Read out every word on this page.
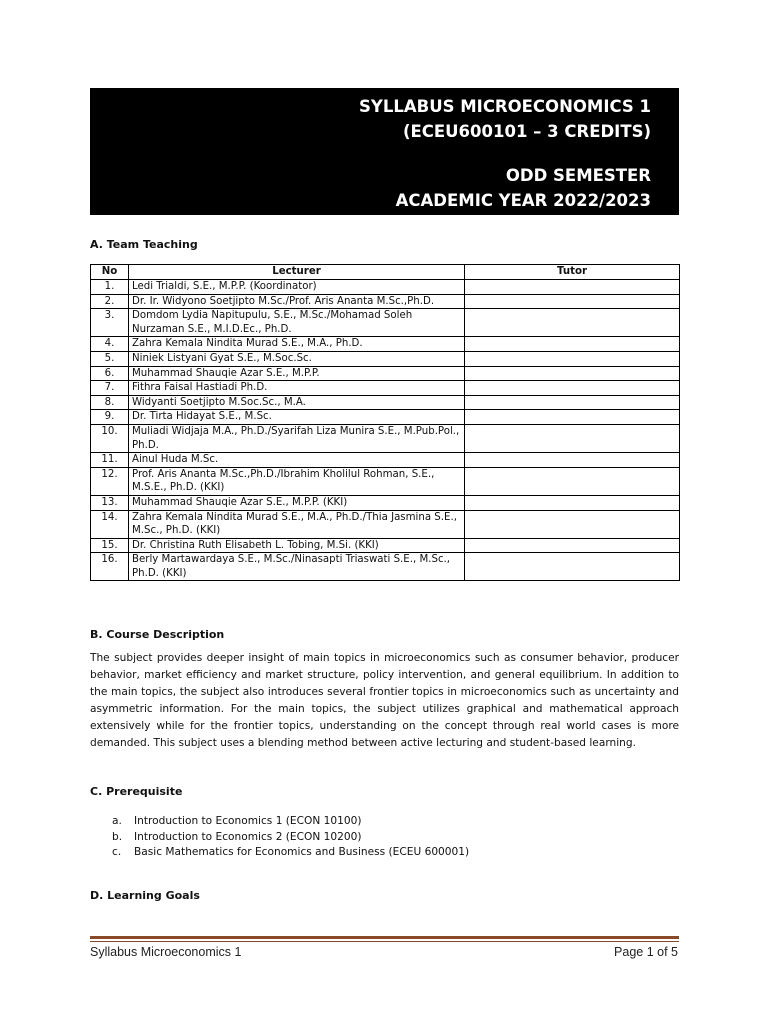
SYLLABUS MICROECONOMICS 1
(ECEU600101 – 3 CREDITS)
ODD SEMESTER
ACADEMIC YEAR 2022/2023
A. Team Teaching
No	Lecturer	Tutor
1.	Ledi Trialdi, S.E., M.P.P. (Koordinator)	
2.	Dr. Ir. Widyono Soetjipto M.Sc./Prof. Aris Ananta M.Sc.,Ph.D.	
3.	Domdom Lydia Napitupulu, S.E., M.Sc./Mohamad Soleh Nurzaman S.E., M.I.D.Ec., Ph.D.	
4.	Zahra Kemala Nindita Murad S.E., M.A., Ph.D.	
5.	Niniek Listyani Gyat S.E., M.Soc.Sc.	
6.	Muhammad Shauqie Azar S.E., M.P.P.	
7.	Fithra Faisal Hastiadi Ph.D.	
8.	Widyanti Soetjipto M.Soc.Sc., M.A.	
9.	Dr. Tirta Hidayat S.E., M.Sc.	
10.	Muliadi Widjaja M.A., Ph.D./Syarifah Liza Munira S.E., M.Pub.Pol., Ph.D.	
11.	Ainul Huda M.Sc.	
12.	Prof. Aris Ananta M.Sc.,Ph.D./Ibrahim Kholilul Rohman, S.E., M.S.E., Ph.D. (KKI)	
13.	Muhammad Shauqie Azar S.E., M.P.P. (KKI)	
14.	Zahra Kemala Nindita Murad S.E., M.A., Ph.D./Thia Jasmina S.E., M.Sc., Ph.D. (KKI)	
15.	Dr. Christina Ruth Elisabeth L. Tobing, M.Si. (KKI)	
16.	Berly Martawardaya S.E., M.Sc./Ninasapti Triaswati S.E., M.Sc., Ph.D. (KKI)	
B. Course Description

The subject provides deeper insight of main topics in microeconomics such as consumer behavior, producer behavior, market efficiency and market structure, policy intervention, and general equilibrium. In addition to the main topics, the subject also introduces several frontier topics in microeconomics such as uncertainty and asymmetric information. For the main topics, the subject utilizes graphical and mathematical approach extensively while for the frontier topics, understanding on the concept through real world cases is more demanded. This subject uses a blending method between active lecturing and student-based learning.

C. Prerequisite
a. Introduction to Economics 1 (ECON 10100)
b. Introduction to Economics 2 (ECON 10200)
c. Basic Mathematics for Economics and Business (ECEU 600001)
D. Learning Goals
Syllabus Microeconomics 1	Page 1 of 5
